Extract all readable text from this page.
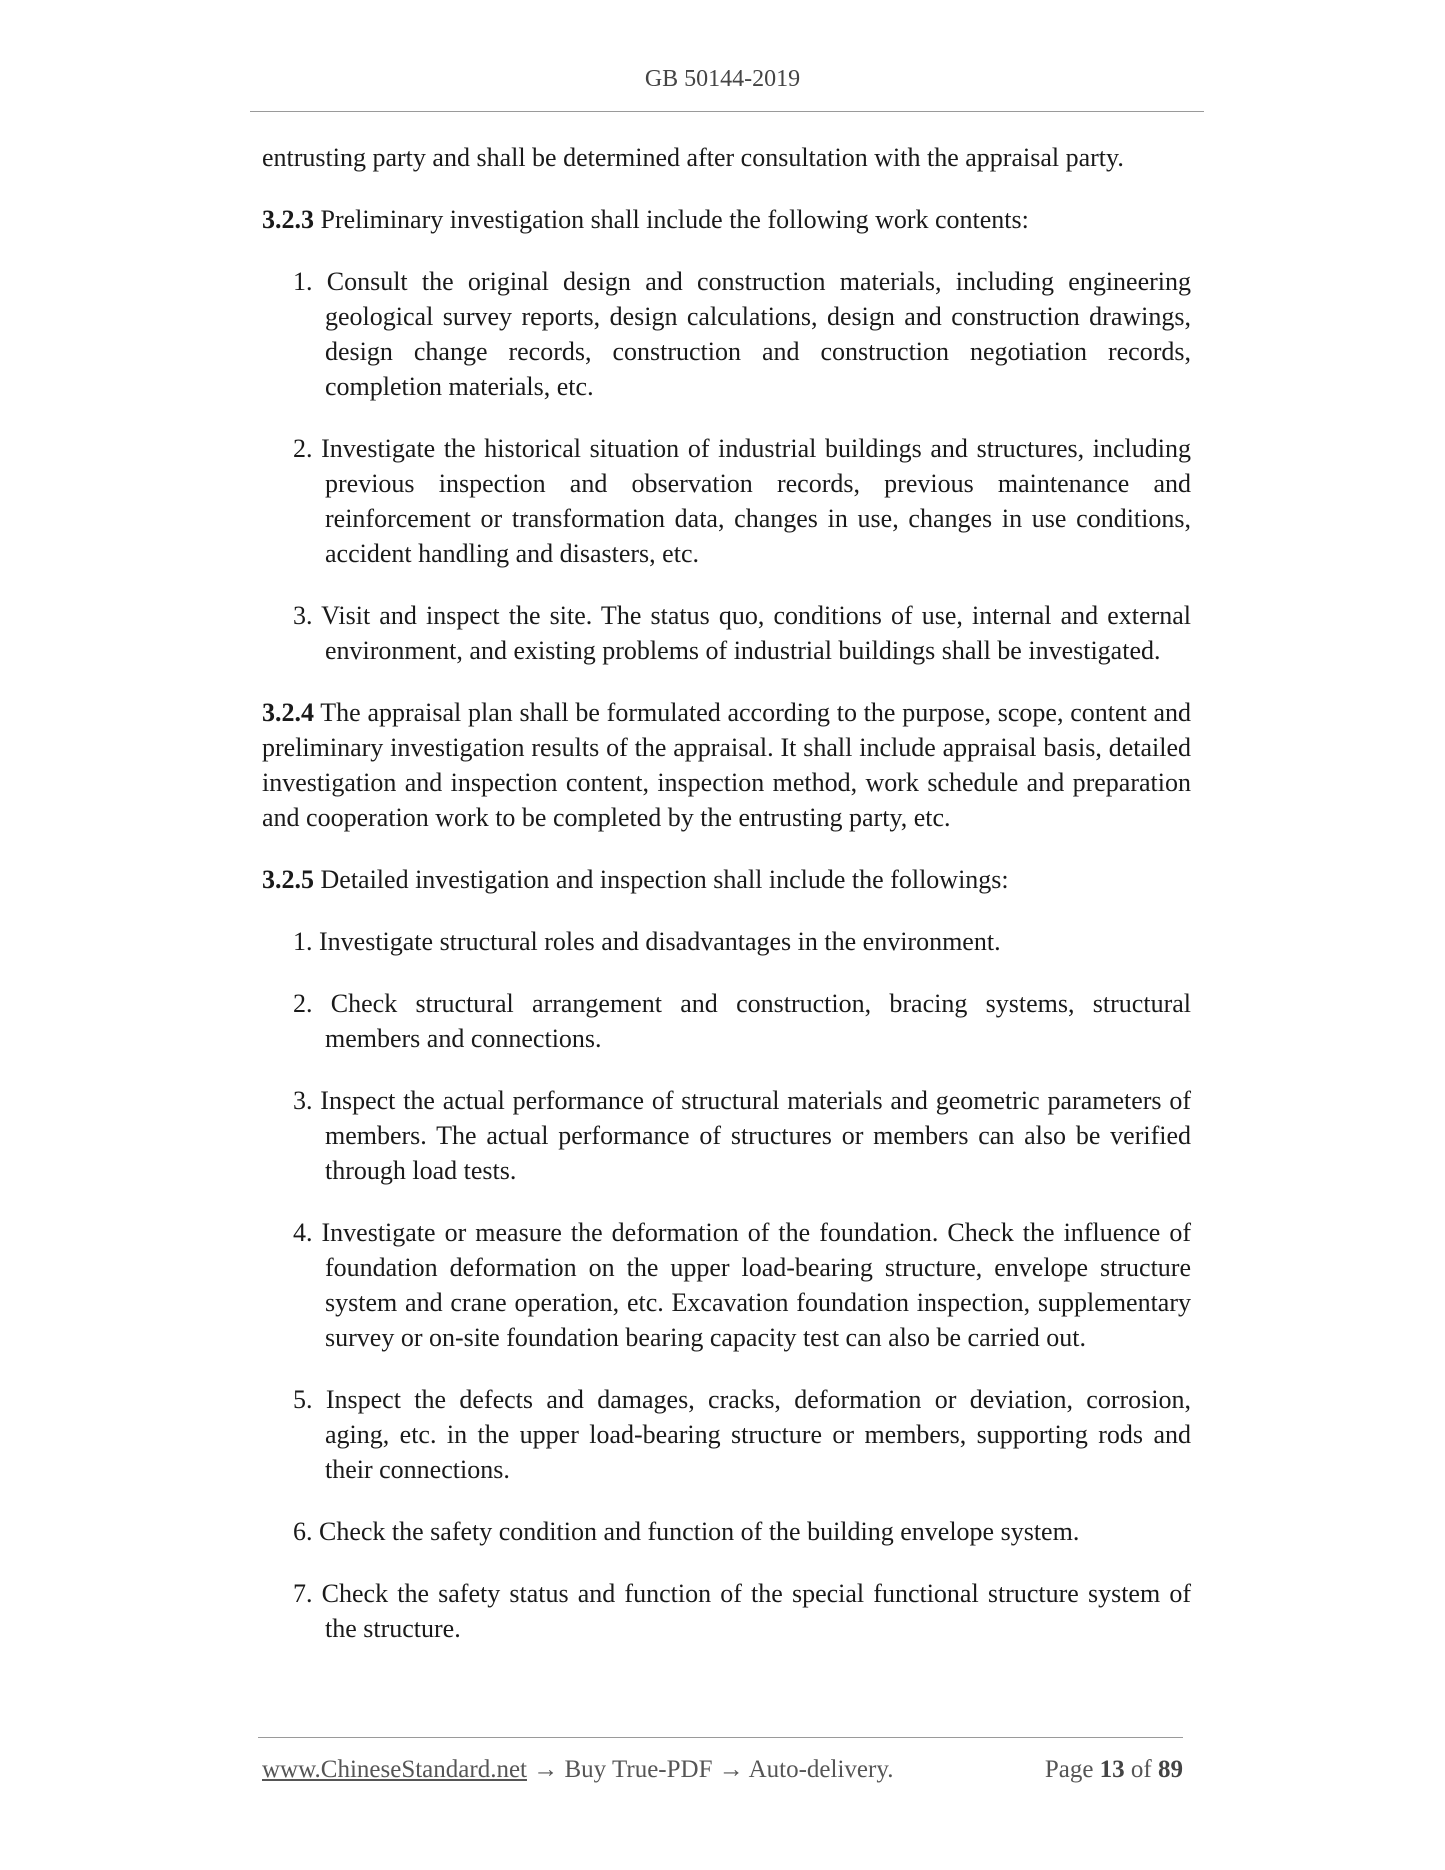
GB 50144-2019

entrusting party and shall be determined after consultation with the appraisal party.

3.2.3 Preliminary investigation shall include the following work contents:

1. Consult the original design and construction materials, including engineering geological survey reports, design calculations, design and construction drawings, design change records, construction and construction negotiation records, completion materials, etc.

2. Investigate the historical situation of industrial buildings and structures, including previous inspection and observation records, previous maintenance and reinforcement or transformation data, changes in use, changes in use conditions, accident handling and disasters, etc.

3. Visit and inspect the site. The status quo, conditions of use, internal and external environment, and existing problems of industrial buildings shall be investigated.

3.2.4 The appraisal plan shall be formulated according to the purpose, scope, content and preliminary investigation results of the appraisal. It shall include appraisal basis, detailed investigation and inspection content, inspection method, work schedule and preparation and cooperation work to be completed by the entrusting party, etc.

3.2.5 Detailed investigation and inspection shall include the followings:

1. Investigate structural roles and disadvantages in the environment.

2. Check structural arrangement and construction, bracing systems, structural members and connections.

3. Inspect the actual performance of structural materials and geometric parameters of members. The actual performance of structures or members can also be verified through load tests.

4. Investigate or measure the deformation of the foundation. Check the influence of foundation deformation on the upper load-bearing structure, envelope structure system and crane operation, etc. Excavation foundation inspection, supplementary survey or on-site foundation bearing capacity test can also be carried out.

5. Inspect the defects and damages, cracks, deformation or deviation, corrosion, aging, etc. in the upper load-bearing structure or members, supporting rods and their connections.

6. Check the safety condition and function of the building envelope system.

7. Check the safety status and function of the special functional structure system of the structure.

www.ChineseStandard.net → Buy True-PDF → Auto-delivery.	Page 13 of 89
